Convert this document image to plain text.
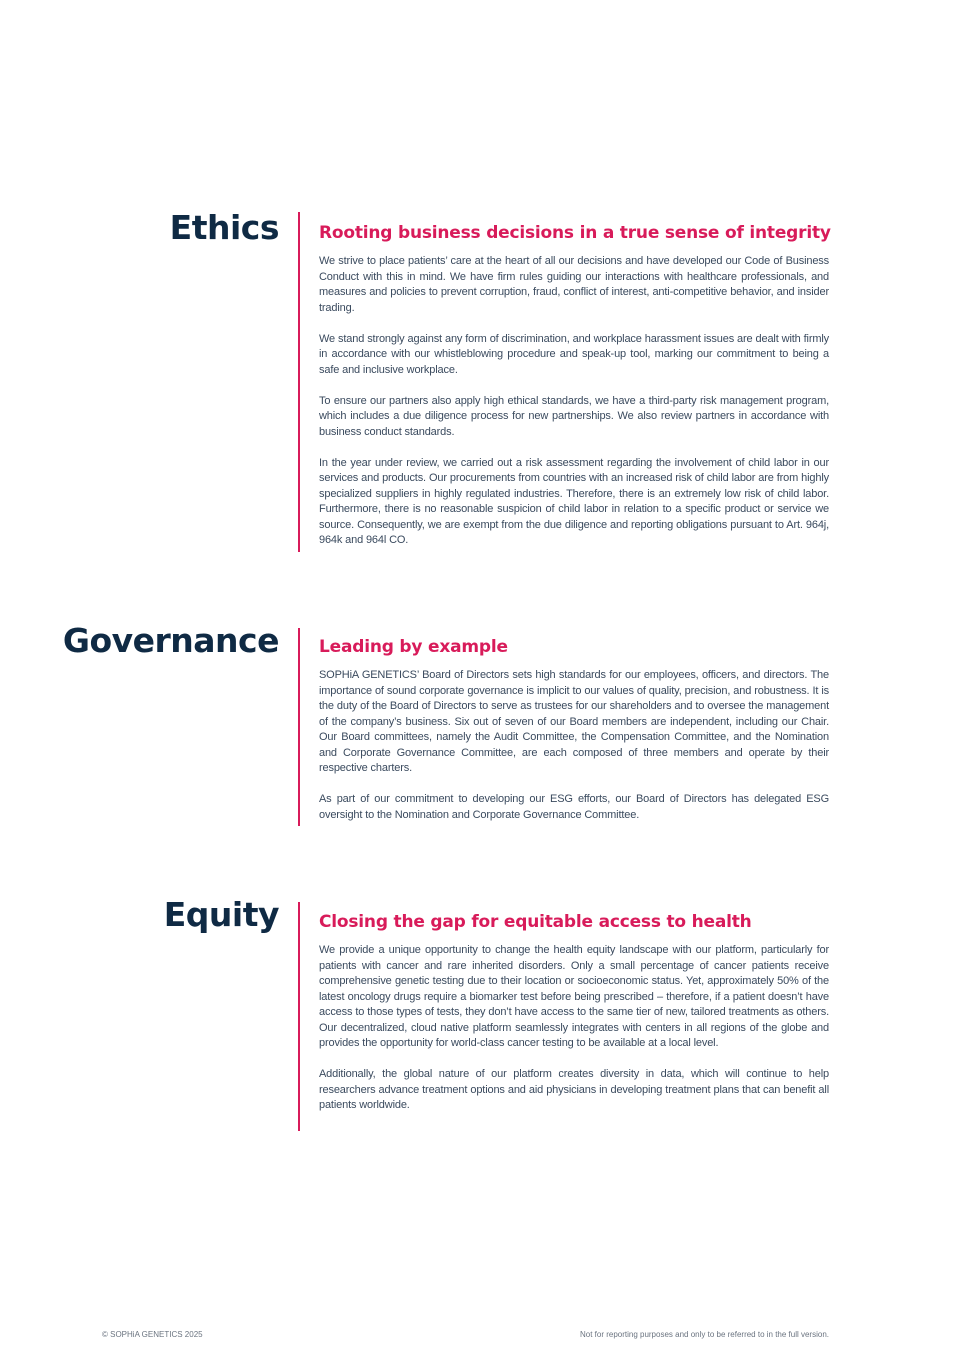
Ethics Rooting business decisions in a true sense of integrity

We strive to place patients’ care at the heart of all our decisions and have developed our Code of Business Conduct with this in mind. We have firm rules guiding our interactions with healthcare professionals, and measures and policies to prevent corruption, fraud, conflict of interest, anti-competitive behavior, and insider trading.

We stand strongly against any form of discrimination, and workplace harassment issues are dealt with firmly in accordance with our whistleblowing procedure and speak-up tool, marking our commitment to being a safe and inclusive workplace.

To ensure our partners also apply high ethical standards, we have a third-party risk management program, which includes a due diligence process for new partnerships. We also review partners in accordance with business conduct standards.

In the year under review, we carried out a risk assessment regarding the involvement of child labor in our services and products. Our procurements from countries with an increased risk of child labor are from highly specialized suppliers in highly regulated industries. Therefore, there is an extremely low risk of child labor. Furthermore, there is no reasonable suspicion of child labor in relation to a specific product or service we source. Consequently, we are exempt from the due diligence and reporting obligations pursuant to Art. 964j, 964k and 964l CO.

Governance Leading by example

SOPHiA GENETICS’ Board of Directors sets high standards for our employees, officers, and directors. The importance of sound corporate governance is implicit to our values of quality, precision, and robustness. It is the duty of the Board of Directors to serve as trustees for our shareholders and to oversee the management of the company’s business. Six out of seven of our Board members are independent, including our Chair. Our Board committees, namely the Audit Committee, the Compensation Committee, and the Nomination and Corporate Governance Committee, are each composed of three members and operate by their respective charters.

As part of our commitment to developing our ESG efforts, our Board of Directors has delegated ESG oversight to the Nomination and Corporate Governance Committee.

Equity Closing the gap for equitable access to health

We provide a unique opportunity to change the health equity landscape with our platform, particularly for patients with cancer and rare inherited disorders. Only a small percentage of cancer patients receive comprehensive genetic testing due to their location or socioeconomic status. Yet, approximately 50% of the latest oncology drugs require a biomarker test before being prescribed – therefore, if a patient doesn’t have access to those types of tests, they don’t have access to the same tier of new, tailored treatments as others. Our decentralized, cloud native platform seamlessly integrates with centers in all regions of the globe and provides the opportunity for world-class cancer testing to be available at a local level.

Additionally, the global nature of our platform creates diversity in data, which will continue to help researchers advance treatment options and aid physicians in developing treatment plans that can benefit all patients worldwide.

© SOPHiA GENETICS 2025	Not for reporting purposes and only to be referred to in the full version.
